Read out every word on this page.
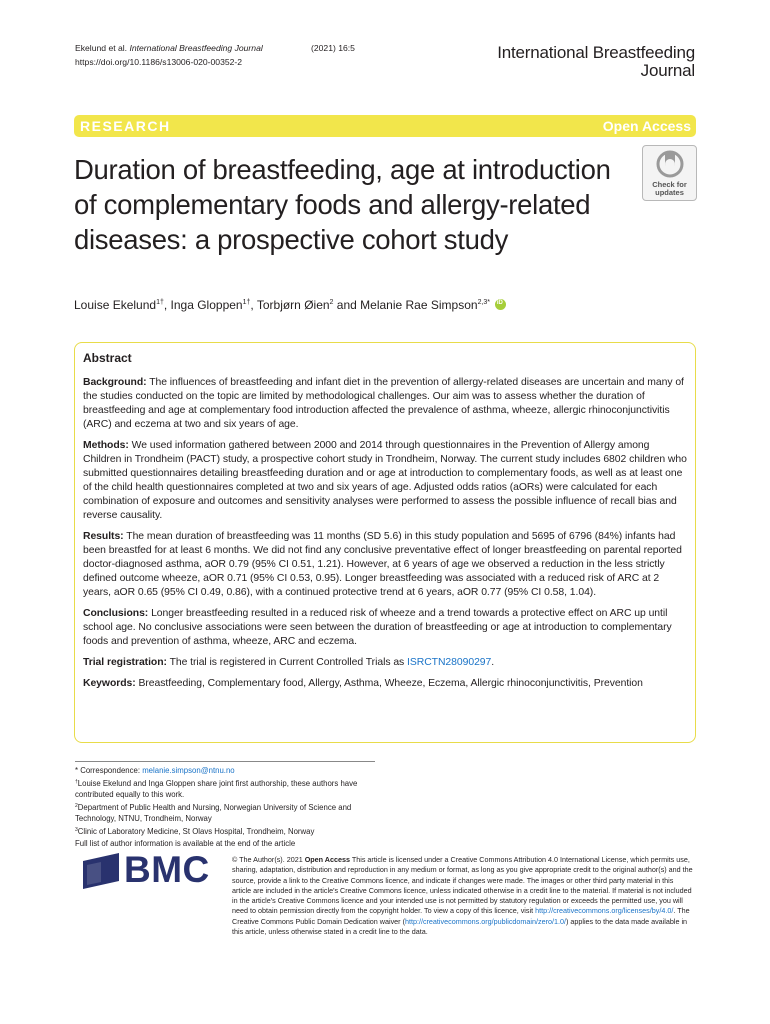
Ekelund et al. International Breastfeeding Journal	(2021) 16:5
https://doi.org/10.1186/s13006-020-00352-2	International Breastfeeding
Journal
RESEARCH	Open Access
Duration of breastfeeding, age at introduction of complementary foods and allergy-related diseases: a prospective cohort study
Check for
updates
Louise Ekelund$^{1\dagger}$, Inga Gloppen$^{1\dagger}$, Torbjørn Øien$^2$ and Melanie Rae Simpson$^{2,3*}$ iD
Abstract

Background: The influences of breastfeeding and infant diet in the prevention of allergy-related diseases are uncertain and many of the studies conducted on the topic are limited by methodological challenges. Our aim was to assess whether the duration of breastfeeding and age at complementary food introduction affected the prevalence of asthma, wheeze, allergic rhinoconjunctivitis (ARC) and eczema at two and six years of age.

Methods: We used information gathered between 2000 and 2014 through questionnaires in the Prevention of Allergy among Children in Trondheim (PACT) study, a prospective cohort study in Trondheim, Norway. The current study includes 6802 children who submitted questionnaires detailing breastfeeding duration and or age at introduction to complementary foods, as well as at least one of the child health questionnaires completed at two and six years of age. Adjusted odds ratios (aORs) were calculated for each combination of exposure and outcomes and sensitivity analyses were performed to assess the possible influence of recall bias and reverse causality.

Results: The mean duration of breastfeeding was 11 months (SD 5.6) in this study population and 5695 of 6796 (84%) infants had been breastfed for at least 6 months. We did not find any conclusive preventative effect of longer breastfeeding on parental reported doctor-diagnosed asthma, aOR 0.79 (95% CI 0.51, 1.21). However, at 6 years of age we observed a reduction in the less strictly defined outcome wheeze, aOR 0.71 (95% CI 0.53, 0.95). Longer breastfeeding was associated with a reduced risk of ARC at 2 years, aOR 0.65 (95% CI 0.49, 0.86), with a continued protective trend at 6 years, aOR 0.77 (95% CI 0.58, 1.04).

Conclusions: Longer breastfeeding resulted in a reduced risk of wheeze and a trend towards a protective effect on ARC up until school age. No conclusive associations were seen between the duration of breastfeeding or age at introduction to complementary foods and prevention of asthma, wheeze, ARC and eczema.

Trial registration: The trial is registered in Current Controlled Trials as ISRCTN28090297.

Keywords: Breastfeeding, Complementary food, Allergy, Asthma, Wheeze, Eczema, Allergic rhinoconjunctivitis, Prevention

* Correspondence: melanie.simpson@ntnu.no
†Louise Ekelund and Inga Gloppen share joint first authorship, these authors have contributed equally to this work.
$^2$Department of Public Health and Nursing, Norwegian University of Science and Technology, NTNU, Trondheim, Norway
$^3$Clinic of Laboratory Medicine, St Olavs Hospital, Trondheim, Norway
Full list of author information is available at the end of the article
BMC	© The Author(s). 2021 Open Access This article is licensed under a Creative Commons Attribution 4.0 International License, which permits use, sharing, adaptation, distribution and reproduction in any medium or format, as long as you give appropriate credit to the original author(s) and the source, provide a link to the Creative Commons licence, and indicate if changes were made. The images or other third party material in this article are included in the article's Creative Commons licence, unless indicated otherwise in a credit line to the material. If material is not included in the article's Creative Commons licence and your intended use is not permitted by statutory regulation or exceeds the permitted use, you will need to obtain permission directly from the copyright holder. To view a copy of this licence, visit http://creativecommons.org/licenses/by/4.0/. The Creative Commons Public Domain Dedication waiver (http://creativecommons.org/publicdomain/zero/1.0/) applies to the data made available in this article, unless otherwise stated in a credit line to the data.
